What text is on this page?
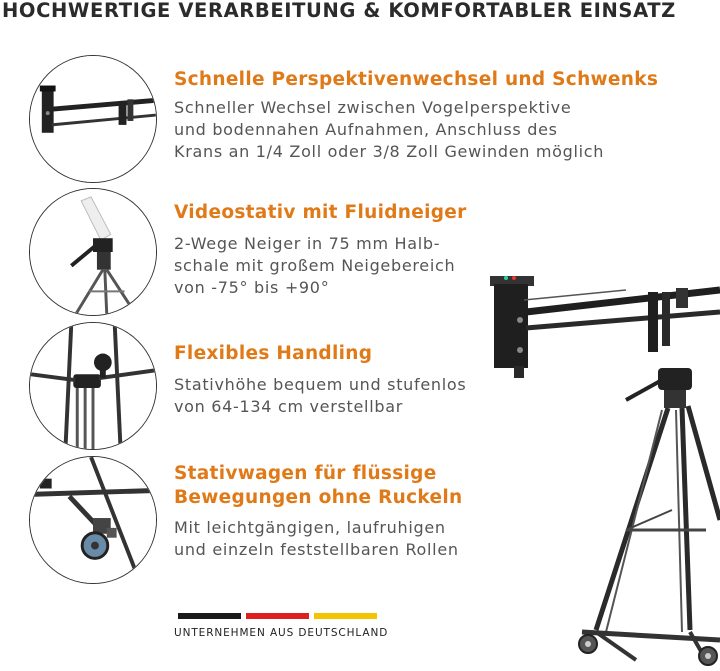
HOCHWERTIGE VERARBEITUNG & KOMFORTABLER EINSATZ
Schnelle Perspektivenwechsel und Schwenks
Schneller Wechsel zwischen Vogelperspektive
und bodennahen Aufnahmen, Anschluss des
Krans an 1/4 Zoll oder 3/8 Zoll Gewinden möglich
Videostativ mit Fluidneiger
2-Wege Neiger in 75 mm Halb-
schale mit großem Neigebereich
von -75° bis +90°
Flexibles Handling
Stativhöhe bequem und stufenlos
von 64-134 cm verstellbar
Stativwagen für flüssige
Bewegungen ohne Ruckeln
Mit leichtgängigen, laufruhigen
und einzeln feststellbaren Rollen
UNTERNEHMEN AUS DEUTSCHLAND
